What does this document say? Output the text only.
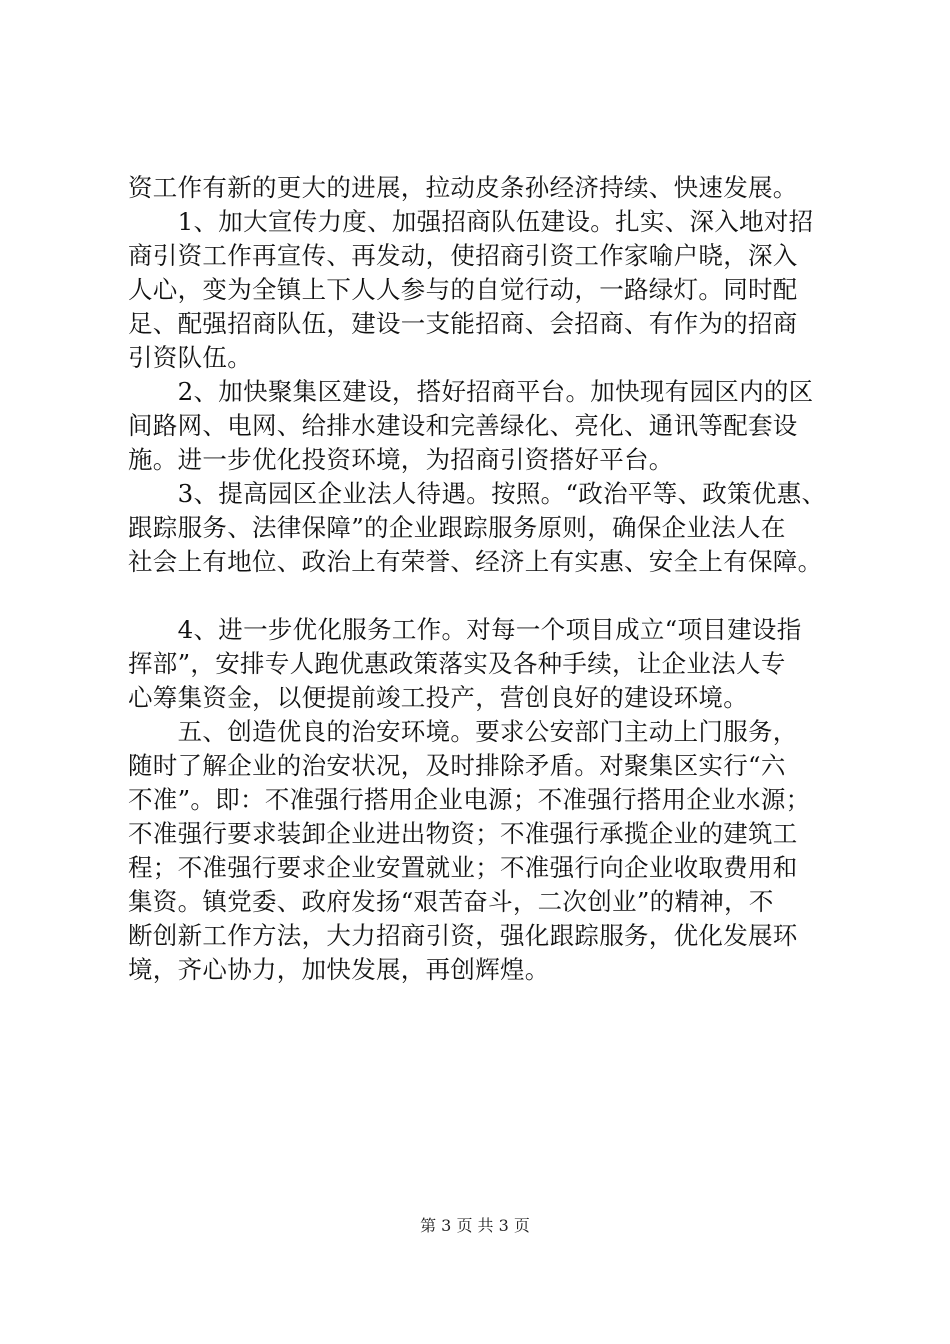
资工作有新的更大的进展，拉动皮条孙经济持续、快速发展。
　　1、加大宣传力度、加强招商队伍建设。扎实、深入地对招
商引资工作再宣传、再发动，使招商引资工作家喻户晓，深入
人心，变为全镇上下人人参与的自觉行动，一路绿灯。同时配
足、配强招商队伍，建设一支能招商、会招商、有作为的招商
引资队伍。
　　2、加快聚集区建设，搭好招商平台。加快现有园区内的区
间路网、电网、给排水建设和完善绿化、亮化、通讯等配套设
施。进一步优化投资环境，为招商引资搭好平台。
　　3、提高园区企业法人待遇。按照。“政治平等、政策优惠、
跟踪服务、法律保障”的企业跟踪服务原则，确保企业法人在
社会上有地位、政治上有荣誉、经济上有实惠、安全上有保障。
　　4、进一步优化服务工作。对每一个项目成立“项目建设指
挥部”，安排专人跑优惠政策落实及各种手续，让企业法人专
心筹集资金，以便提前竣工投产，营创良好的建设环境。
　　五、创造优良的治安环境。要求公安部门主动上门服务，
随时了解企业的治安状况，及时排除矛盾。对聚集区实行“六
不准”。即：不准强行搭用企业电源；不准强行搭用企业水源；
不准强行要求装卸企业进出物资；不准强行承揽企业的建筑工
程；不准强行要求企业安置就业；不准强行向企业收取费用和
集资。镇党委、政府发扬“艰苦奋斗，二次创业”的精神，不
断创新工作方法，大力招商引资，强化跟踪服务，优化发展环
境，齐心协力，加快发展，再创辉煌。
第 3 页 共 3 页
